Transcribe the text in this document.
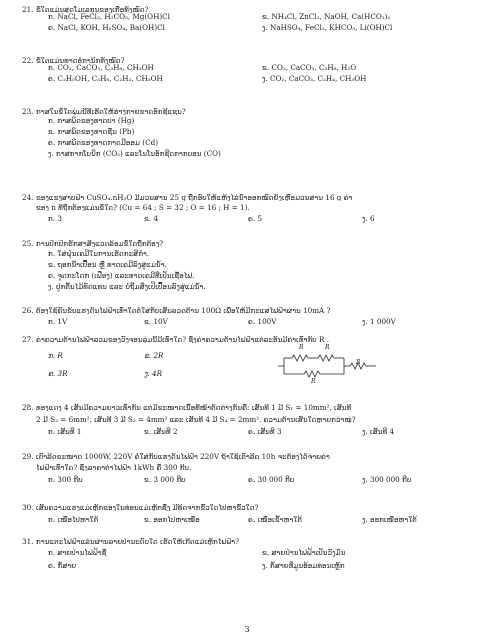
21. ຂໍ້ໃດແມ່ນສູດໂມເລກຸນຂອງເກືອທັງໝົດ?
ກ. NaCl, FeCl₃, H₂CO₃, Mg(OH)Cl	ຂ. NH₄Cl, ZnCl₂, NaOH, Ca(HCO₃)₂
ຄ. NaCl, KOH, H₂SO₄, Ba(OH)Cl	ງ. NaHSO₄, FeCl₃, KHCO₃, Li(OH)Cl
22. ຂໍ້ໃດແມ່ນທາດອໍການິກທັງໝົດ?
ກ. CO₂, CaCO₃, C₃H₈, CH₃OH	ຂ. CO₂, CaCO₃, C₃H₈, H₂O
ຄ. C₂H₅OH, C₃H₈, C₂H₂, CH₃OH	ງ. CO₂, CaCO₃, C₂H₄, CH₃OH
23. ກາສໃນຂໍ້ໃດພຸ່ມນີ້ທີ່ເຮັດໃຫ້ຮ່າງກາຍຂາດອົກຊີແຊນ?
ກ. ກາສພິດຂອງທາດບາ (Hg)
ຂ. ກາສພິດຂອງທາດຊືນ (Pb)
ຄ. ກາສພິດຂອງທາດກາດມີອອມ (Cd)
ງ. ກາສກາກໂບນິກ (CO₂) ແລະໂນໂນອັກຊີດກາກບອນ (CO)
24. ຂອງແຂງສາບຟ້າ CuSO₄.nH₂O ມີມວນສານ 25 g ຖືກອົບໃຫ້ແຫ້ງໄລ່ນໍ້າອອກໝົດຍັງເຫຼືອມວນສານ 16 g ຄ່າ
ຂອງ n ທີ່ຖືກຕ້ອງແມ່ນຂໍ້ໃດ? (Cu = 64 ; S = 32 ; O = 16 ; H = 1).
ກ. 3	ຂ. 4	ຄ. 5	ງ. 6
25. ການປັກປັກຮັກສາສິ່ງແວດລ້ອມຂໍ້ໃດຖືກຕ້ອງ?
ກ. ໃສ່ຝຸ່ນເຄມີໃນການເຮັດກະສິກຳ.
ຂ. ຖອກນໍ້າເປື້ອນ ຫຼື ທາດເຄມີລົງສູ່ແມ່ນໍ້າ.
ຄ. ຈູດກະໂດກ (ເຟືອງ) ແລະທາດເຄມີທີ່ເປັນເຊື້ອໄຟ.
ງ. ປູກຕົ້ນໄມ້ທົດແທນ ແລະ ບໍ່ຖິ້ມສິ່ງເປິເປື້ອນລົງສູ່ແມ່ນໍ້າ.
26. ຕ້ອງໃຊ້ຄົນຂັບແຮງດັນໄຟຟ້າເທົ່າໃດຕໍ່ໃສ່ກັບເສັ້ນລວດຕ້ານ 100Ω ເພື່ອໃຫ້ມີກະແສໄຟຟ້າຜ່ານ 10mA ?
ກ. 1V	ຂ. 10V	ຄ. 100V	ງ. 1 000V
27. ຄ່າຄວາມຕ້ານໄຟຟ້າລວມຂອງວົງຈອນລຸ່ມນີ້ມີເທົ່າໃດ? ຊຶ່ງຄ່າຄວາມຕ້ານໄຟຟ້າແຕ່ລະອັນມີຄ່າເທົ່າກັບ R .
ກ. R	ຂ. 2R
ຄ. 3R	ງ. 4R
R	R
R
R
28. ທອງແດງ 4 ເສັ້ນມີຄວາມຍາວເທົ່າກັນ ແຕ່ມີຂະໜາດເນື້ອທີ່ໜ້າຕັດຕ່າງກັນຄື: ເສັ້ນທີ 1 ມີ S₁ = 10mm², ເສັ້ນທີ
2 ມີ S₂ = 6mm², ເສັ້ນທີ 3 ມີ S₃ = 4mm² ແລະ ເສັ້ນທີ 4 ມີ S₄ = 2mm². ຄວາມຕ້ານເສັ້ນໃດຫຼາຍກວ່າໝູ່?
ກ. ເສັ້ນທີ 1	ຂ. ເສັ້ນທີ 2	ຄ. ເສັ້ນທີ 3	ງ. ເສັ້ນທີ 4
29. ເຕົາລີດຂະໜາດ 1000W, 220V ຄໍ່ໃສ່ກັບແຮງດັນໄຟຟ້າ 220V ຖ້າໃຊ້ເຕົາລີດ 10h ຈະຕ້ອງໄດ້ຈ່າຍຄ່າ
ໄຟຟ້າເທົ່າໃດ? ຊຶ່ງລາຄາຕ່າໄຟຟ້າ 1kWh ຄື 300 ກີບ.
ກ. 300 ກີບ	ຂ. 3 000 ກີບ	ຄ. 30 000 ກີບ	ງ. 300 000 ກີບ
30. ເສັ້ນຄວາມແຮງແມ່ເຫຼັກຂອງໃນທ່ອນແມ່ເຫຼັກຊື່ງ ມີທິດຈາກຂົ້ວໃດໄປຫາຂົ້ວໃດ?
ກ. ເໜືອໄປຫາໃຕ້	ຂ. ອອກໄປຫາເໜືອ	ຄ. ເໜືອເຂົ້າຫາໃຕ້	ງ. ອອກເໜືອຫາໃຕ້
31. ການແຕະໄຟຟ້າແລ່ນຜ່ານລາຍປ່ານະດົບໃດ ເຮັດໃຫ້ເກີດແມ່ເຫຼັກໄຟຟ້າ?
ກ. ສາຍປ່ານໄຟຟ້າຊື່	ຂ. ສາຍປ່ານໄຟຟ້າເປັນວົງມົນ
ຄ. ກໍ້ສາຍ	ງ. ກໍ້ສາຍທີ່ມູນອ້ອມທ່ອນເຫຼັກ
3
